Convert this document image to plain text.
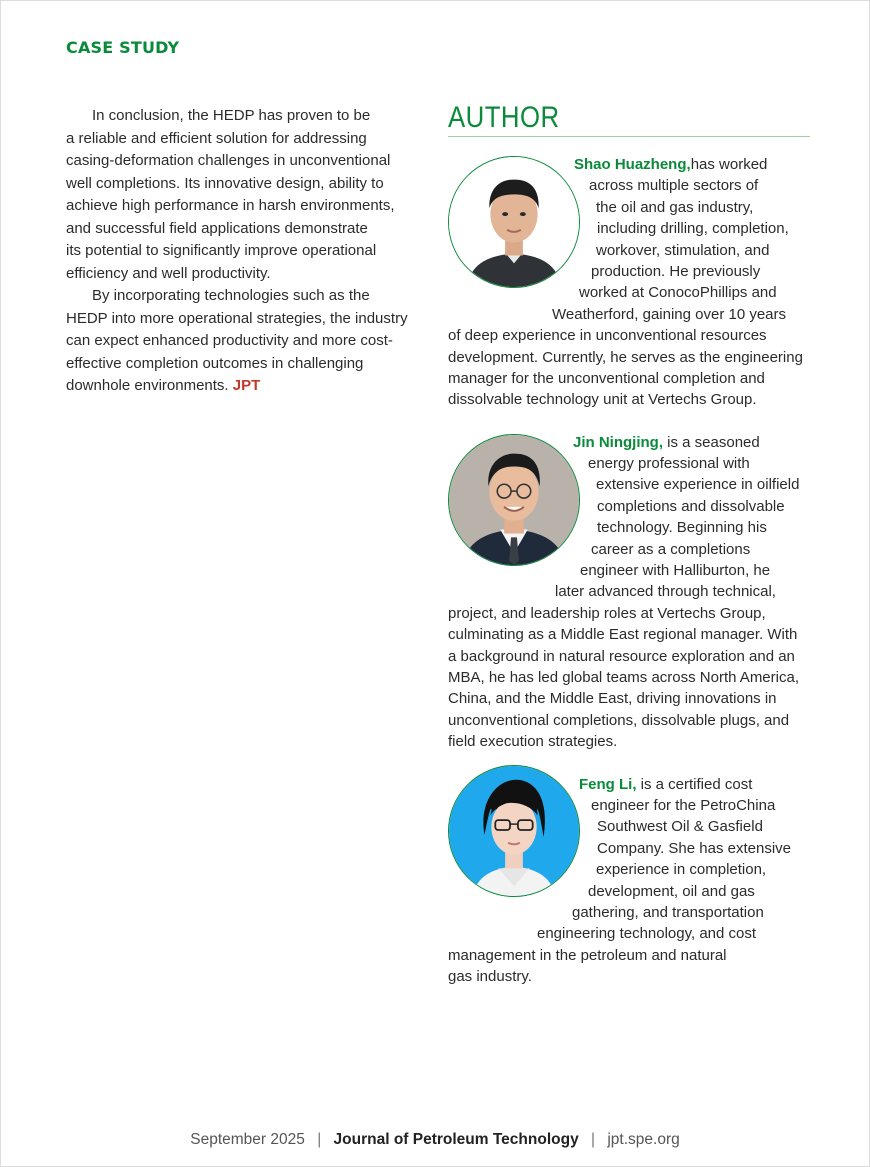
CASE STUDY

In conclusion, the HEDP has proven to be
a reliable and efficient solution for addressing
casing-deformation challenges in unconventional
well completions. Its innovative design, ability to
achieve high performance in harsh environments,
and successful field applications demonstrate
its potential to significantly improve operational
efficiency and well productivity.

By incorporating technologies such as the
HEDP into more operational strategies, the industry
can expect enhanced productivity and more cost-
effective completion outcomes in challenging
downhole environments. JPT

AUTHOR
Shao Huazheng,has worked
across multiple sectors of
the oil and gas industry,
including drilling, completion,
workover, stimulation, and
production. He previously
worked at ConocoPhillips and
Weatherford, gaining over 10 years
of deep experience in unconventional resources
development. Currently, he serves as the engineering
manager for the unconventional completion and
dissolvable technology unit at Vertechs Group.
Jin Ningjing, is a seasoned
energy professional with
extensive experience in oilfield
completions and dissolvable
technology. Beginning his
career as a completions
engineer with Halliburton, he
later advanced through technical,
project, and leadership roles at Vertechs Group,
culminating as a Middle East regional manager. With
a background in natural resource exploration and an
MBA, he has led global teams across North America,
China, and the Middle East, driving innovations in
unconventional completions, dissolvable plugs, and
field execution strategies.
Feng Li, is a certified cost
engineer for the PetroChina
Southwest Oil & Gasfield
Company. She has extensive
experience in completion,
development, oil and gas
gathering, and transportation
engineering technology, and cost
management in the petroleum and natural
gas industry.
September 2025 | Journal of Petroleum Technology | jpt.spe.org
